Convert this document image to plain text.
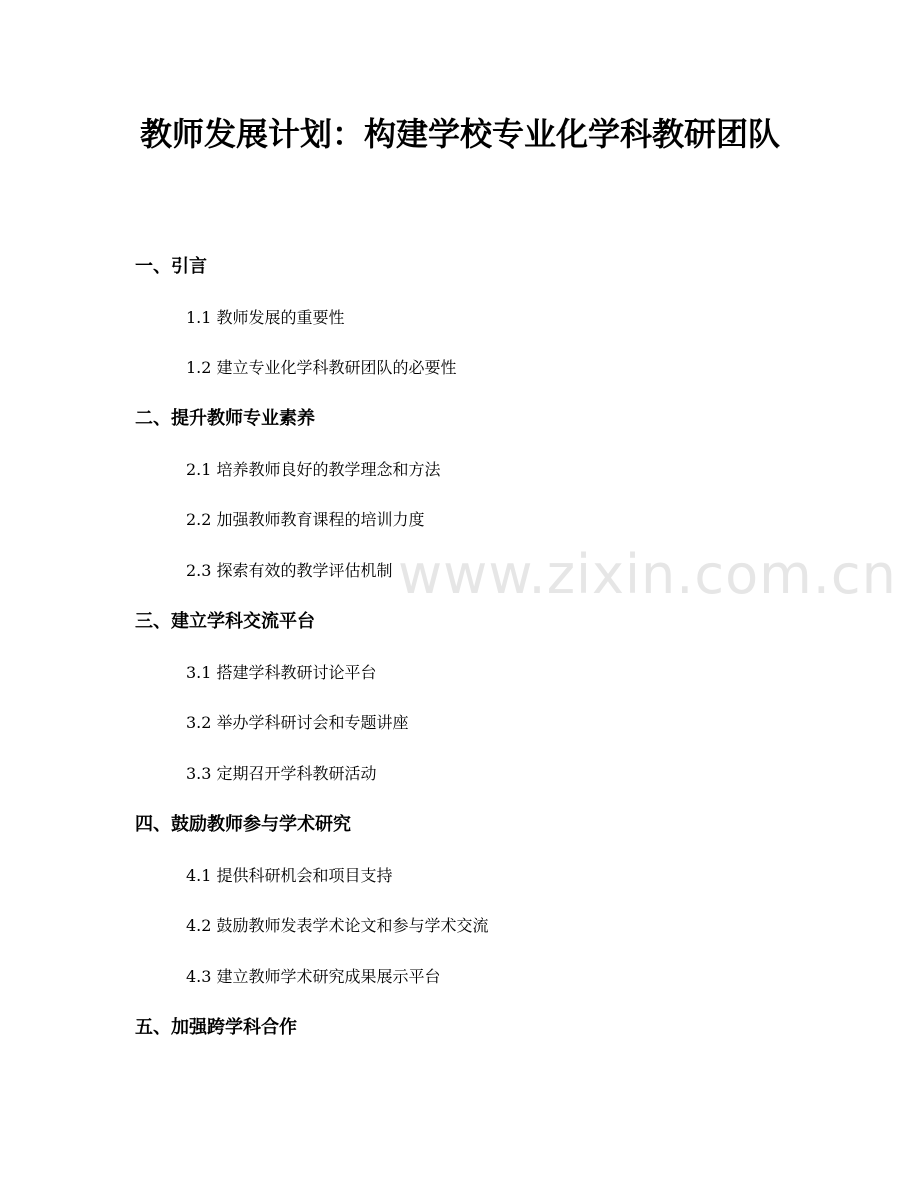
www.zixin.com.cn
教师发展计划：构建学校专业化学科教研团队
一、引言
1.1 教师发展的重要性
1.2 建立专业化学科教研团队的必要性
二、提升教师专业素养
2.1 培养教师良好的教学理念和方法
2.2 加强教师教育课程的培训力度
2.3 探索有效的教学评估机制
三、建立学科交流平台
3.1 搭建学科教研讨论平台
3.2 举办学科研讨会和专题讲座
3.3 定期召开学科教研活动
四、鼓励教师参与学术研究
4.1 提供科研机会和项目支持
4.2 鼓励教师发表学术论文和参与学术交流
4.3 建立教师学术研究成果展示平台
五、加强跨学科合作
